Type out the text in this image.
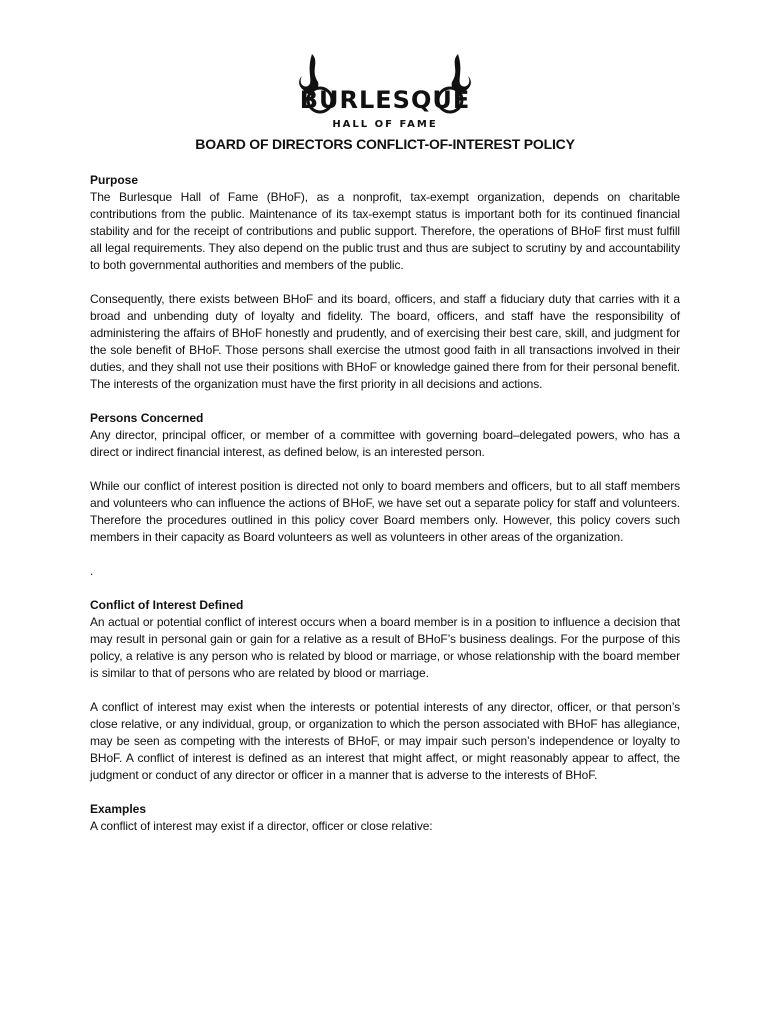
BURLESQUE
HALL OF FAME
BOARD OF DIRECTORS CONFLICT-OF-INTEREST POLICY

Purpose

The Burlesque Hall of Fame (BHoF), as a nonprofit, tax-exempt organization, depends on charitable contributions from the public. Maintenance of its tax-exempt status is important both for its continued financial stability and for the receipt of contributions and public support. Therefore, the operations of BHoF first must fulfill all legal requirements. They also depend on the public trust and thus are subject to scrutiny by and accountability to both governmental authorities and members of the public.

Consequently, there exists between BHoF and its board, officers, and staff a fiduciary duty that carries with it a broad and unbending duty of loyalty and fidelity. The board, officers, and staff have the responsibility of administering the affairs of BHoF honestly and prudently, and of exercising their best care, skill, and judgment for the sole benefit of BHoF. Those persons shall exercise the utmost good faith in all transactions involved in their duties, and they shall not use their positions with BHoF or knowledge gained there from for their personal benefit. The interests of the organization must have the first priority in all decisions and actions.

Persons Concerned

Any director, principal officer, or member of a committee with governing board–delegated powers, who has a direct or indirect financial interest, as defined below, is an interested person.

While our conflict of interest position is directed not only to board members and officers, but to all staff members and volunteers who can influence the actions of BHoF, we have set out a separate policy for staff and volunteers. Therefore the procedures outlined in this policy cover Board members only. However, this policy covers such members in their capacity as Board volunteers as well as volunteers in other areas of the organization.

.

Conflict of Interest Defined

An actual or potential conflict of interest occurs when a board member is in a position to influence a decision that may result in personal gain or gain for a relative as a result of BHoF’s business dealings. For the purpose of this policy, a relative is any person who is related by blood or marriage, or whose relationship with the board member is similar to that of persons who are related by blood or marriage.

A conflict of interest may exist when the interests or potential interests of any director, officer, or that person’s close relative, or any individual, group, or organization to which the person associated with BHoF has allegiance, may be seen as competing with the interests of BHoF, or may impair such person’s independence or loyalty to BHoF. A conflict of interest is defined as an interest that might affect, or might reasonably appear to affect, the judgment or conduct of any director or officer in a manner that is adverse to the interests of BHoF.

Examples

A conflict of interest may exist if a director, officer or close relative:
